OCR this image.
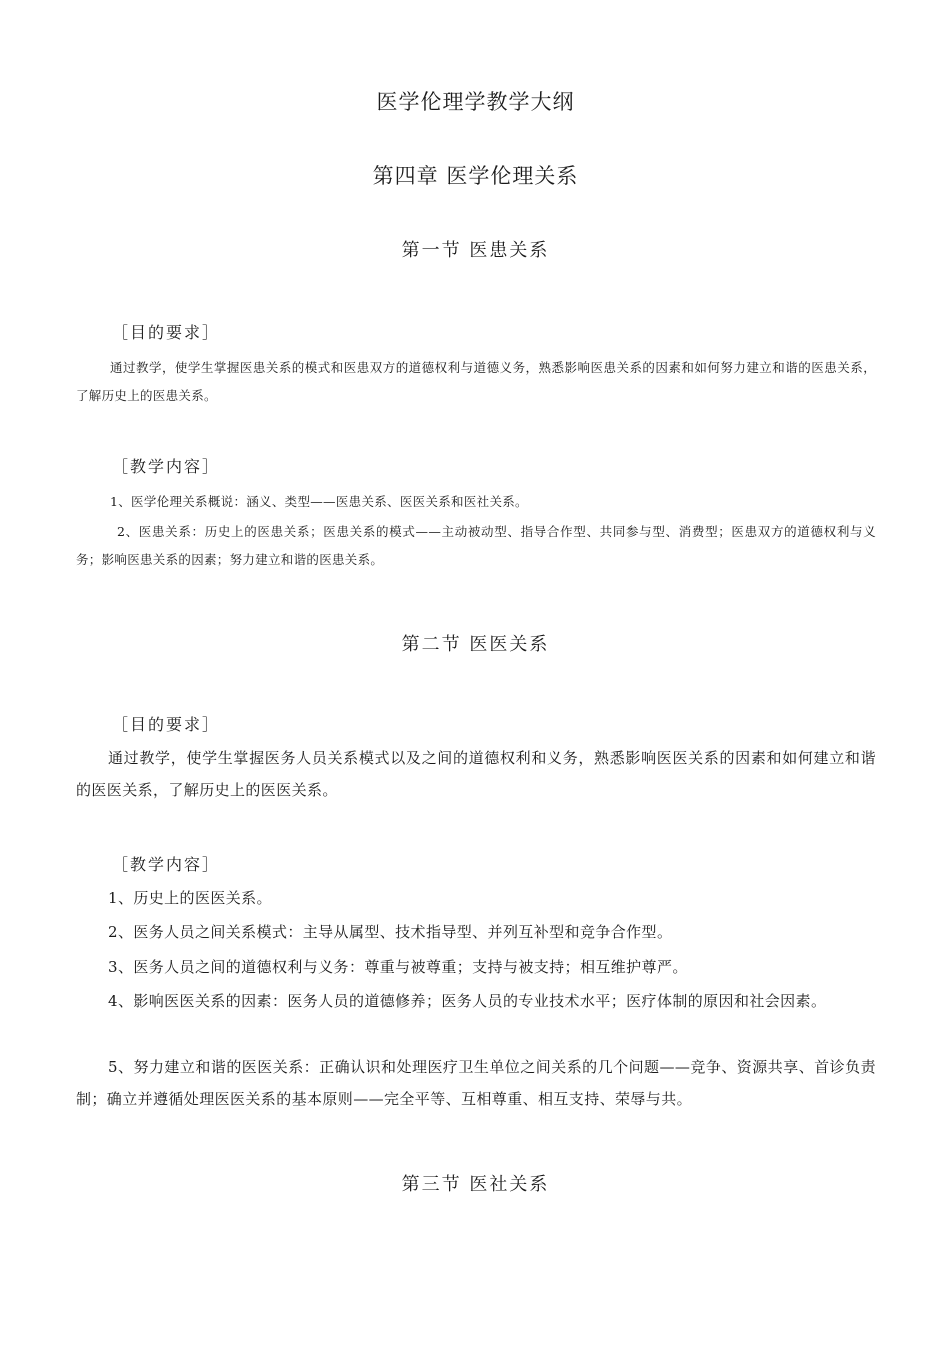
医学伦理学教学大纲
第四章 医学伦理关系
第一节 医患关系
［目的要求］

通过教学，使学生掌握医患关系的模式和医患双方的道德权利与道德义务，熟悉影响医患关系的因素和如何努力建立和谐的医患关系，了解历史上的医患关系。

［教学内容］

1、医学伦理关系概说：涵义、类型——医患关系、医医关系和医社关系。

2、医患关系：历史上的医患关系；医患关系的模式——主动被动型、指导合作型、共同参与型、消费型；医患双方的道德权利与义务；影响医患关系的因素；努力建立和谐的医患关系。

第二节 医医关系
［目的要求］

通过教学，使学生掌握医务人员关系模式以及之间的道德权利和义务，熟悉影响医医关系的因素和如何建立和谐的医医关系，了解历史上的医医关系。

［教学内容］

1、历史上的医医关系。

2、医务人员之间关系模式：主导从属型、技术指导型、并列互补型和竞争合作型。

3、医务人员之间的道德权利与义务：尊重与被尊重；支持与被支持；相互维护尊严。

4、影响医医关系的因素：医务人员的道德修养；医务人员的专业技术水平；医疗体制的原因和社会因素。

5、努力建立和谐的医医关系：正确认识和处理医疗卫生单位之间关系的几个问题——竞争、资源共享、首诊负责制；确立并遵循处理医医关系的基本原则——完全平等、互相尊重、相互支持、荣辱与共。

第三节 医社关系
